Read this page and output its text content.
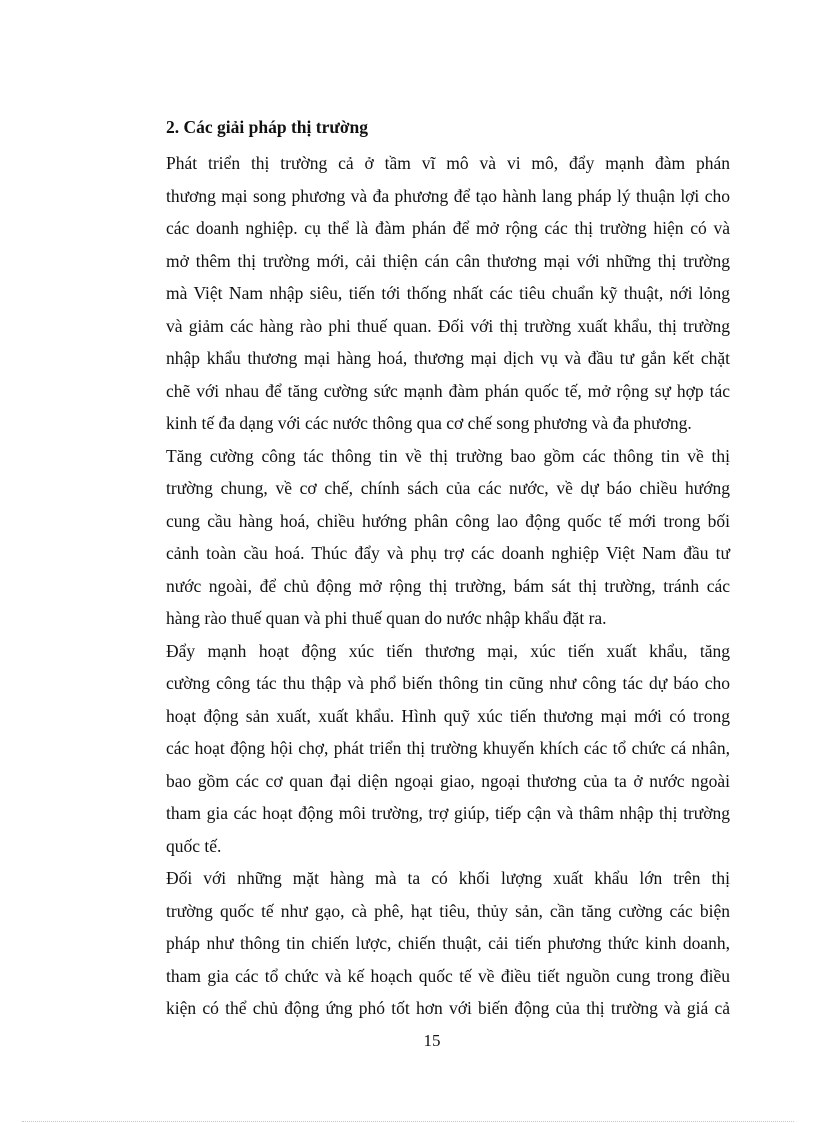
2. Các giải pháp thị trường

Phát triển thị trường cả ở tầm vĩ mô và vi mô, đẩy mạnh đàm phán
thương mại song phương và đa phương để tạo hành lang pháp lý thuận lợi cho
các doanh nghiệp. cụ thể là đàm phán để mở rộng các thị trường hiện có và
mở thêm thị trường mới, cải thiện cán cân thương mại với những thị trường
mà Việt Nam nhập siêu, tiến tới thống nhất các tiêu chuẩn kỹ thuật, nới lỏng
và giảm các hàng rào phi thuế quan. Đối với thị trường xuất khẩu, thị trường
nhập khẩu thương mại hàng hoá, thương mại dịch vụ và đầu tư gắn kết chặt
chẽ với nhau để tăng cường sức mạnh đàm phán quốc tế, mở rộng sự hợp tác
kinh tế đa dạng với các nước thông qua cơ chế song phương và đa phương.

Tăng cường công tác thông tin về thị trường bao gồm các thông tin về thị
trường chung, về cơ chế, chính sách của các nước, về dự báo chiều hướng
cung cầu hàng hoá, chiều hướng phân công lao động quốc tế mới trong bối
cảnh toàn cầu hoá. Thúc đẩy và phụ trợ các doanh nghiệp Việt Nam đầu tư
nước ngoài, để chủ động mở rộng thị trường, bám sát thị trường, tránh các
hàng rào thuế quan và phi thuế quan do nước nhập khẩu đặt ra.

Đẩy mạnh hoạt động xúc tiến thương mại, xúc tiến xuất khẩu, tăng
cường công tác thu thập và phổ biến thông tin cũng như công tác dự báo cho
hoạt động sản xuất, xuất khẩu. Hình quỹ xúc tiến thương mại mới có trong
các hoạt động hội chợ, phát triển thị trường khuyến khích các tổ chức cá nhân,
bao gồm các cơ quan đại diện ngoại giao, ngoại thương của ta ở nước ngoài
tham gia các hoạt động môi trường, trợ giúp, tiếp cận và thâm nhập thị trường
quốc tế.

Đối với những mặt hàng mà ta có khối lượng xuất khẩu lớn trên thị
trường quốc tế như gạo, cà phê, hạt tiêu, thủy sản, cần tăng cường các biện
pháp như thông tin chiến lược, chiến thuật, cải tiến phương thức kinh doanh,
tham gia các tổ chức và kế hoạch quốc tế về điều tiết nguồn cung trong điều
kiện có thể chủ động ứng phó tốt hơn với biến động của thị trường và giá cả

15
